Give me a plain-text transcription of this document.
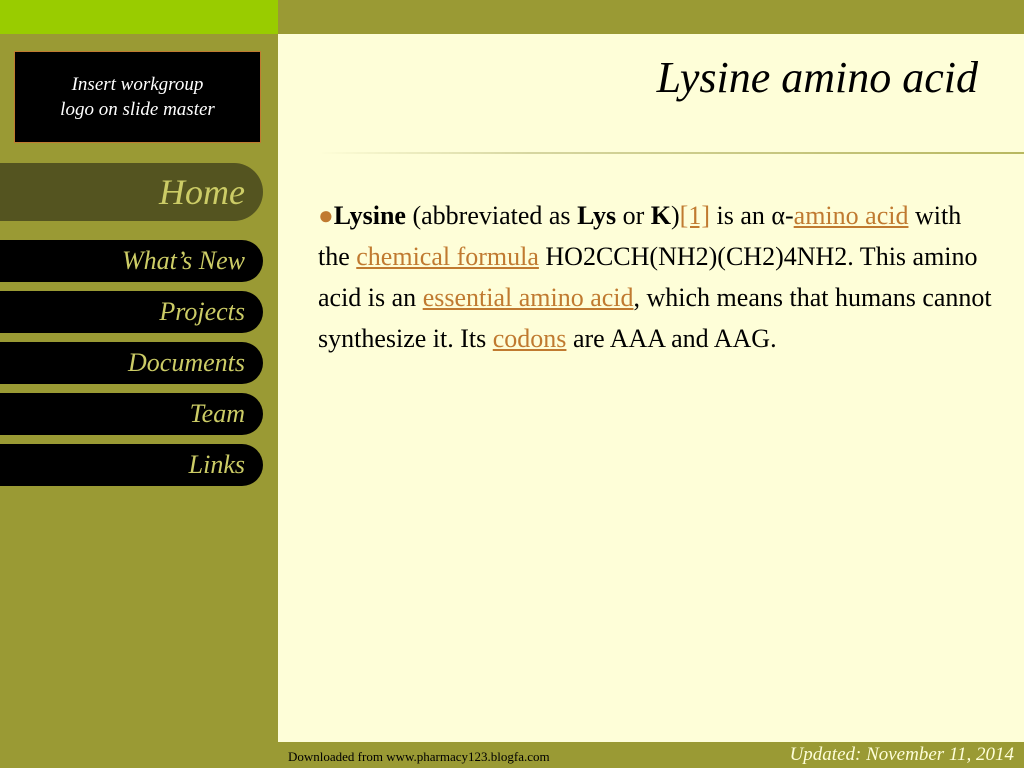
Insert workgroup
logo on slide master
Home
What’s New
Projects
Documents
Team
Links
Lysine amino acid
●Lysine (abbreviated as Lys or K)[1] is an α-amino acid with the chemical formula HO2CCH(NH2)(CH2)4NH2. This amino acid is an essential amino acid, which means that humans cannot synthesize it. Its codons are AAA and AAG.
Downloaded from www.pharmacy123.blogfa.com	Updated: November 11, 2014
